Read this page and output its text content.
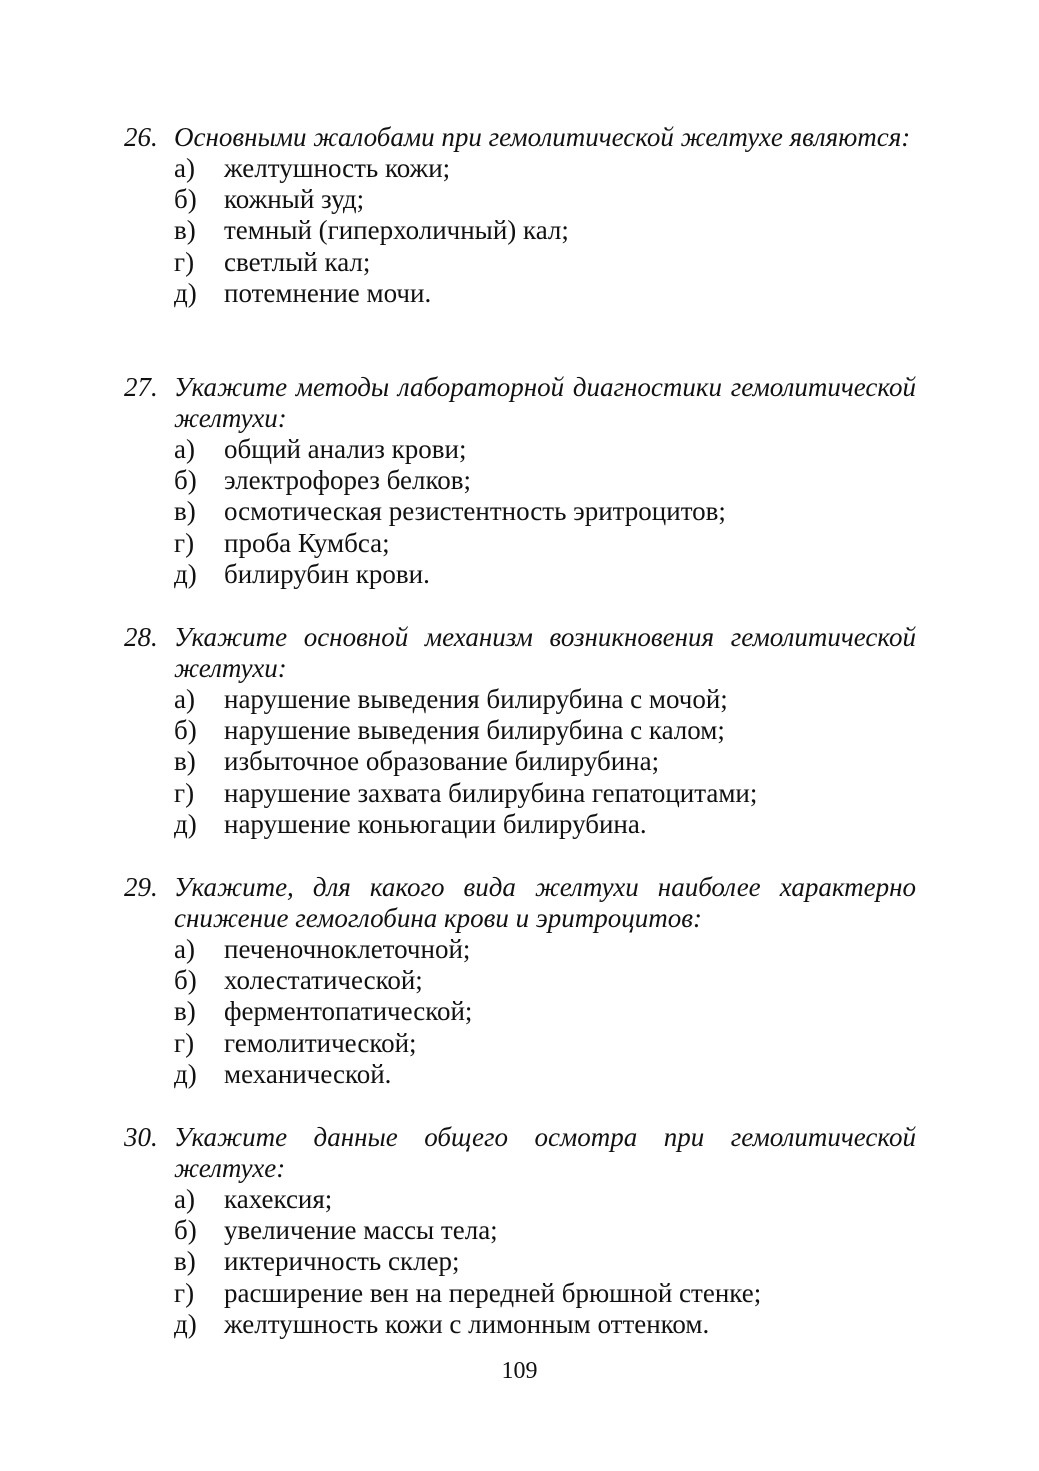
26. Основными жалобами при гемолитической желтухе являются:
а)	желтушность кожи;
б)	кожный зуд;
в)	темный (гиперхоличный) кал;
г)	светлый кал;
д)	потемнение мочи.
27. Укажите методы лабораторной диагностики гемолитической желтухи:
а)	общий анализ крови;
б)	электрофорез белков;
в)	осмотическая резистентность эритроцитов;
г)	проба Кумбса;
д)	билирубин крови.
28. Укажите основной механизм возникновения гемолитической желтухи:
а)	нарушение выведения билирубина с мочой;
б)	нарушение выведения билирубина с калом;
в)	избыточное образование билирубина;
г)	нарушение захвата билирубина гепатоцитами;
д)	нарушение коньюгации билирубина.
29. Укажите, для какого вида желтухи наиболее характерно снижение гемоглобина крови и эритроцитов:
а)	печеночноклеточной;
б)	холестатической;
в)	ферментопатической;
г)	гемолитической;
д)	механической.
30. Укажите данные общего осмотра при гемолитической желтухе:
а)	кахексия;
б)	увеличение массы тела;
в)	иктеричность склер;
г)	расширение вен на передней брюшной стенке;
д)	желтушность кожи с лимонным оттенком.
109
